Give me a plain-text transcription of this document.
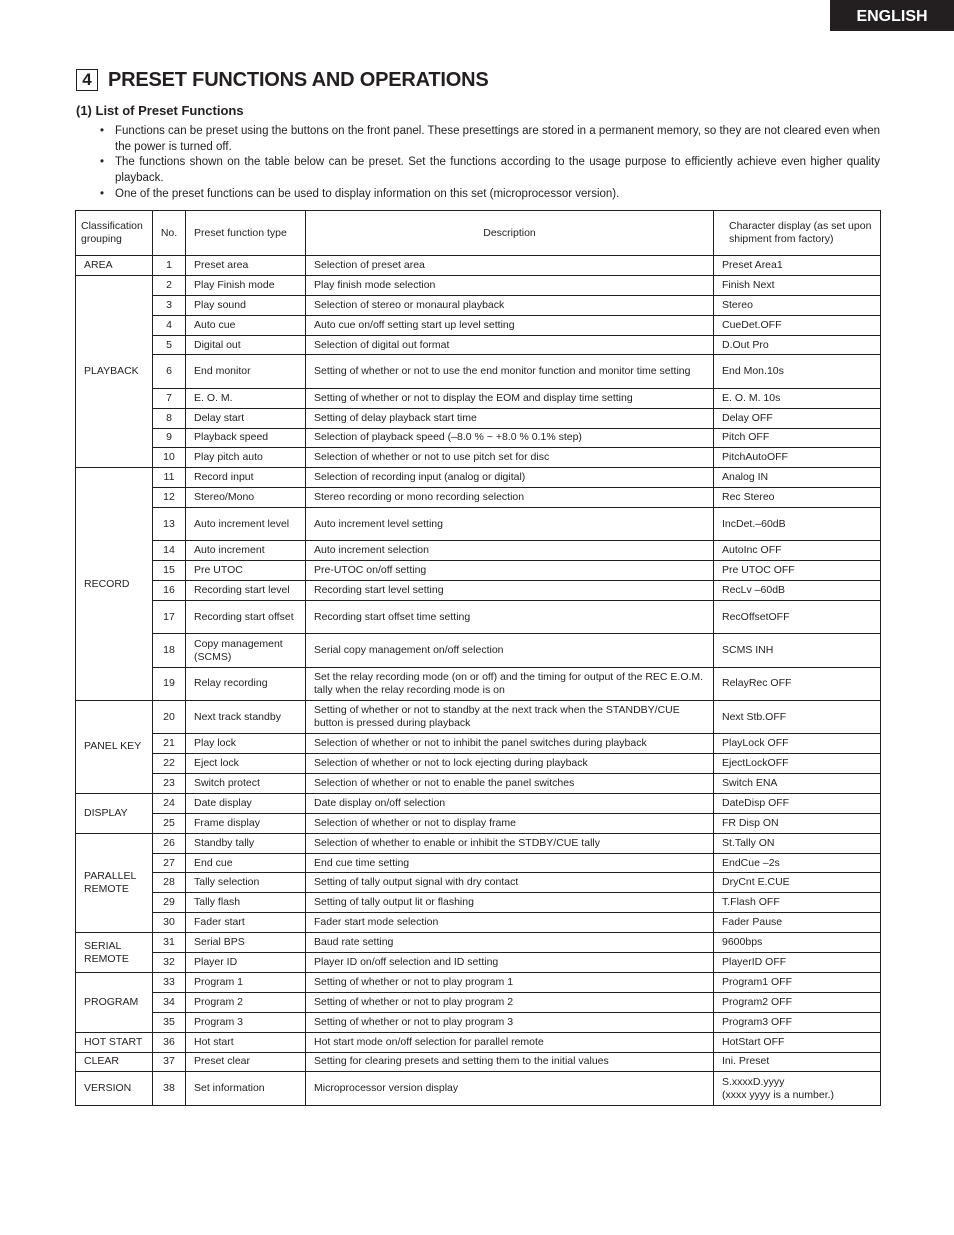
ENGLISH
4 PRESET FUNCTIONS AND OPERATIONS
(1) List of Preset Functions
• Functions can be preset using the buttons on the front panel. These presettings are stored in a permanent memory, so they are not cleared even when the power is turned off.
• The functions shown on the table below can be preset. Set the functions according to the usage purpose to efficiently achieve even higher quality playback.
• One of the preset functions can be used to display information on this set (microprocessor version).
Classification grouping	No.	Preset function type	Description	Character display (as set upon shipment from factory)
AREA	1	Preset area	Selection of preset area	Preset Area1
PLAYBACK	2	Play Finish mode	Play finish mode selection	Finish Next
	3	Play sound	Selection of stereo or monaural playback	Stereo
	4	Auto cue	Auto cue on/off setting start up level setting	CueDet.OFF
	5	Digital out	Selection of digital out format	D.Out Pro
	6	End monitor	Setting of whether or not to use the end monitor function and monitor time setting	End Mon.10s
	7	E. O. M.	Setting of whether or not to display the EOM and display time setting	E. O. M. 10s
	8	Delay start	Setting of delay playback start time	Delay OFF
	9	Playback speed	Selection of playback speed (–8.0 % ~ +8.0 % 0.1% step)	Pitch OFF
	10	Play pitch auto	Selection of whether or not to use pitch set for disc	PitchAutoOFF
RECORD	11	Record input	Selection of recording input (analog or digital)	Analog IN
	12	Stereo/Mono	Stereo recording or mono recording selection	Rec Stereo
	13	Auto increment level	Auto increment level setting	IncDet.–60dB
	14	Auto increment	Auto increment selection	AutoInc OFF
	15	Pre UTOC	Pre-UTOC on/off setting	Pre UTOC OFF
	16	Recording start level	Recording start level setting	RecLv –60dB
	17	Recording start offset	Recording start offset time setting	RecOffsetOFF
	18	Copy management (SCMS)	Serial copy management on/off selection	SCMS INH
	19	Relay recording	Set the relay recording mode (on or off) and the timing for output of the REC E.O.M. tally when the relay recording mode is on	RelayRec OFF
PANEL KEY	20	Next track standby	Setting of whether or not to standby at the next track when the STANDBY/CUE button is pressed during playback	Next Stb.OFF
	21	Play lock	Selection of whether or not to inhibit the panel switches during playback	PlayLock OFF
	22	Eject lock	Selection of whether or not to lock ejecting during playback	EjectLockOFF
	23	Switch protect	Selection of whether or not to enable the panel switches	Switch ENA
DISPLAY	24	Date display	Date display on/off selection	DateDisp OFF
	25	Frame display	Selection of whether or not to display frame	FR Disp ON
PARALLEL REMOTE	26	Standby tally	Selection of whether to enable or inhibit the STDBY/CUE tally	St.Tally ON
	27	End cue	End cue time setting	EndCue –2s
	28	Tally selection	Setting of tally output signal with dry contact	DryCnt E.CUE
	29	Tally flash	Setting of tally output lit or flashing	T.Flash OFF
	30	Fader start	Fader start mode selection	Fader Pause
SERIAL REMOTE	31	Serial BPS	Baud rate setting	9600bps
	32	Player ID	Player ID on/off selection and ID setting	PlayerID OFF
PROGRAM	33	Program 1	Setting of whether or not to play program 1	Program1 OFF
	34	Program 2	Setting of whether or not to play program 2	Program2 OFF
	35	Program 3	Setting of whether or not to play program 3	Program3 OFF
HOT START	36	Hot start	Hot start mode on/off selection for parallel remote	HotStart OFF
CLEAR	37	Preset clear	Setting for clearing presets and setting them to the initial values	Ini. Preset
VERSION	38	Set information	Microprocessor version display	S.xxxxD.yyyy
(xxxx yyyy is a number.)
